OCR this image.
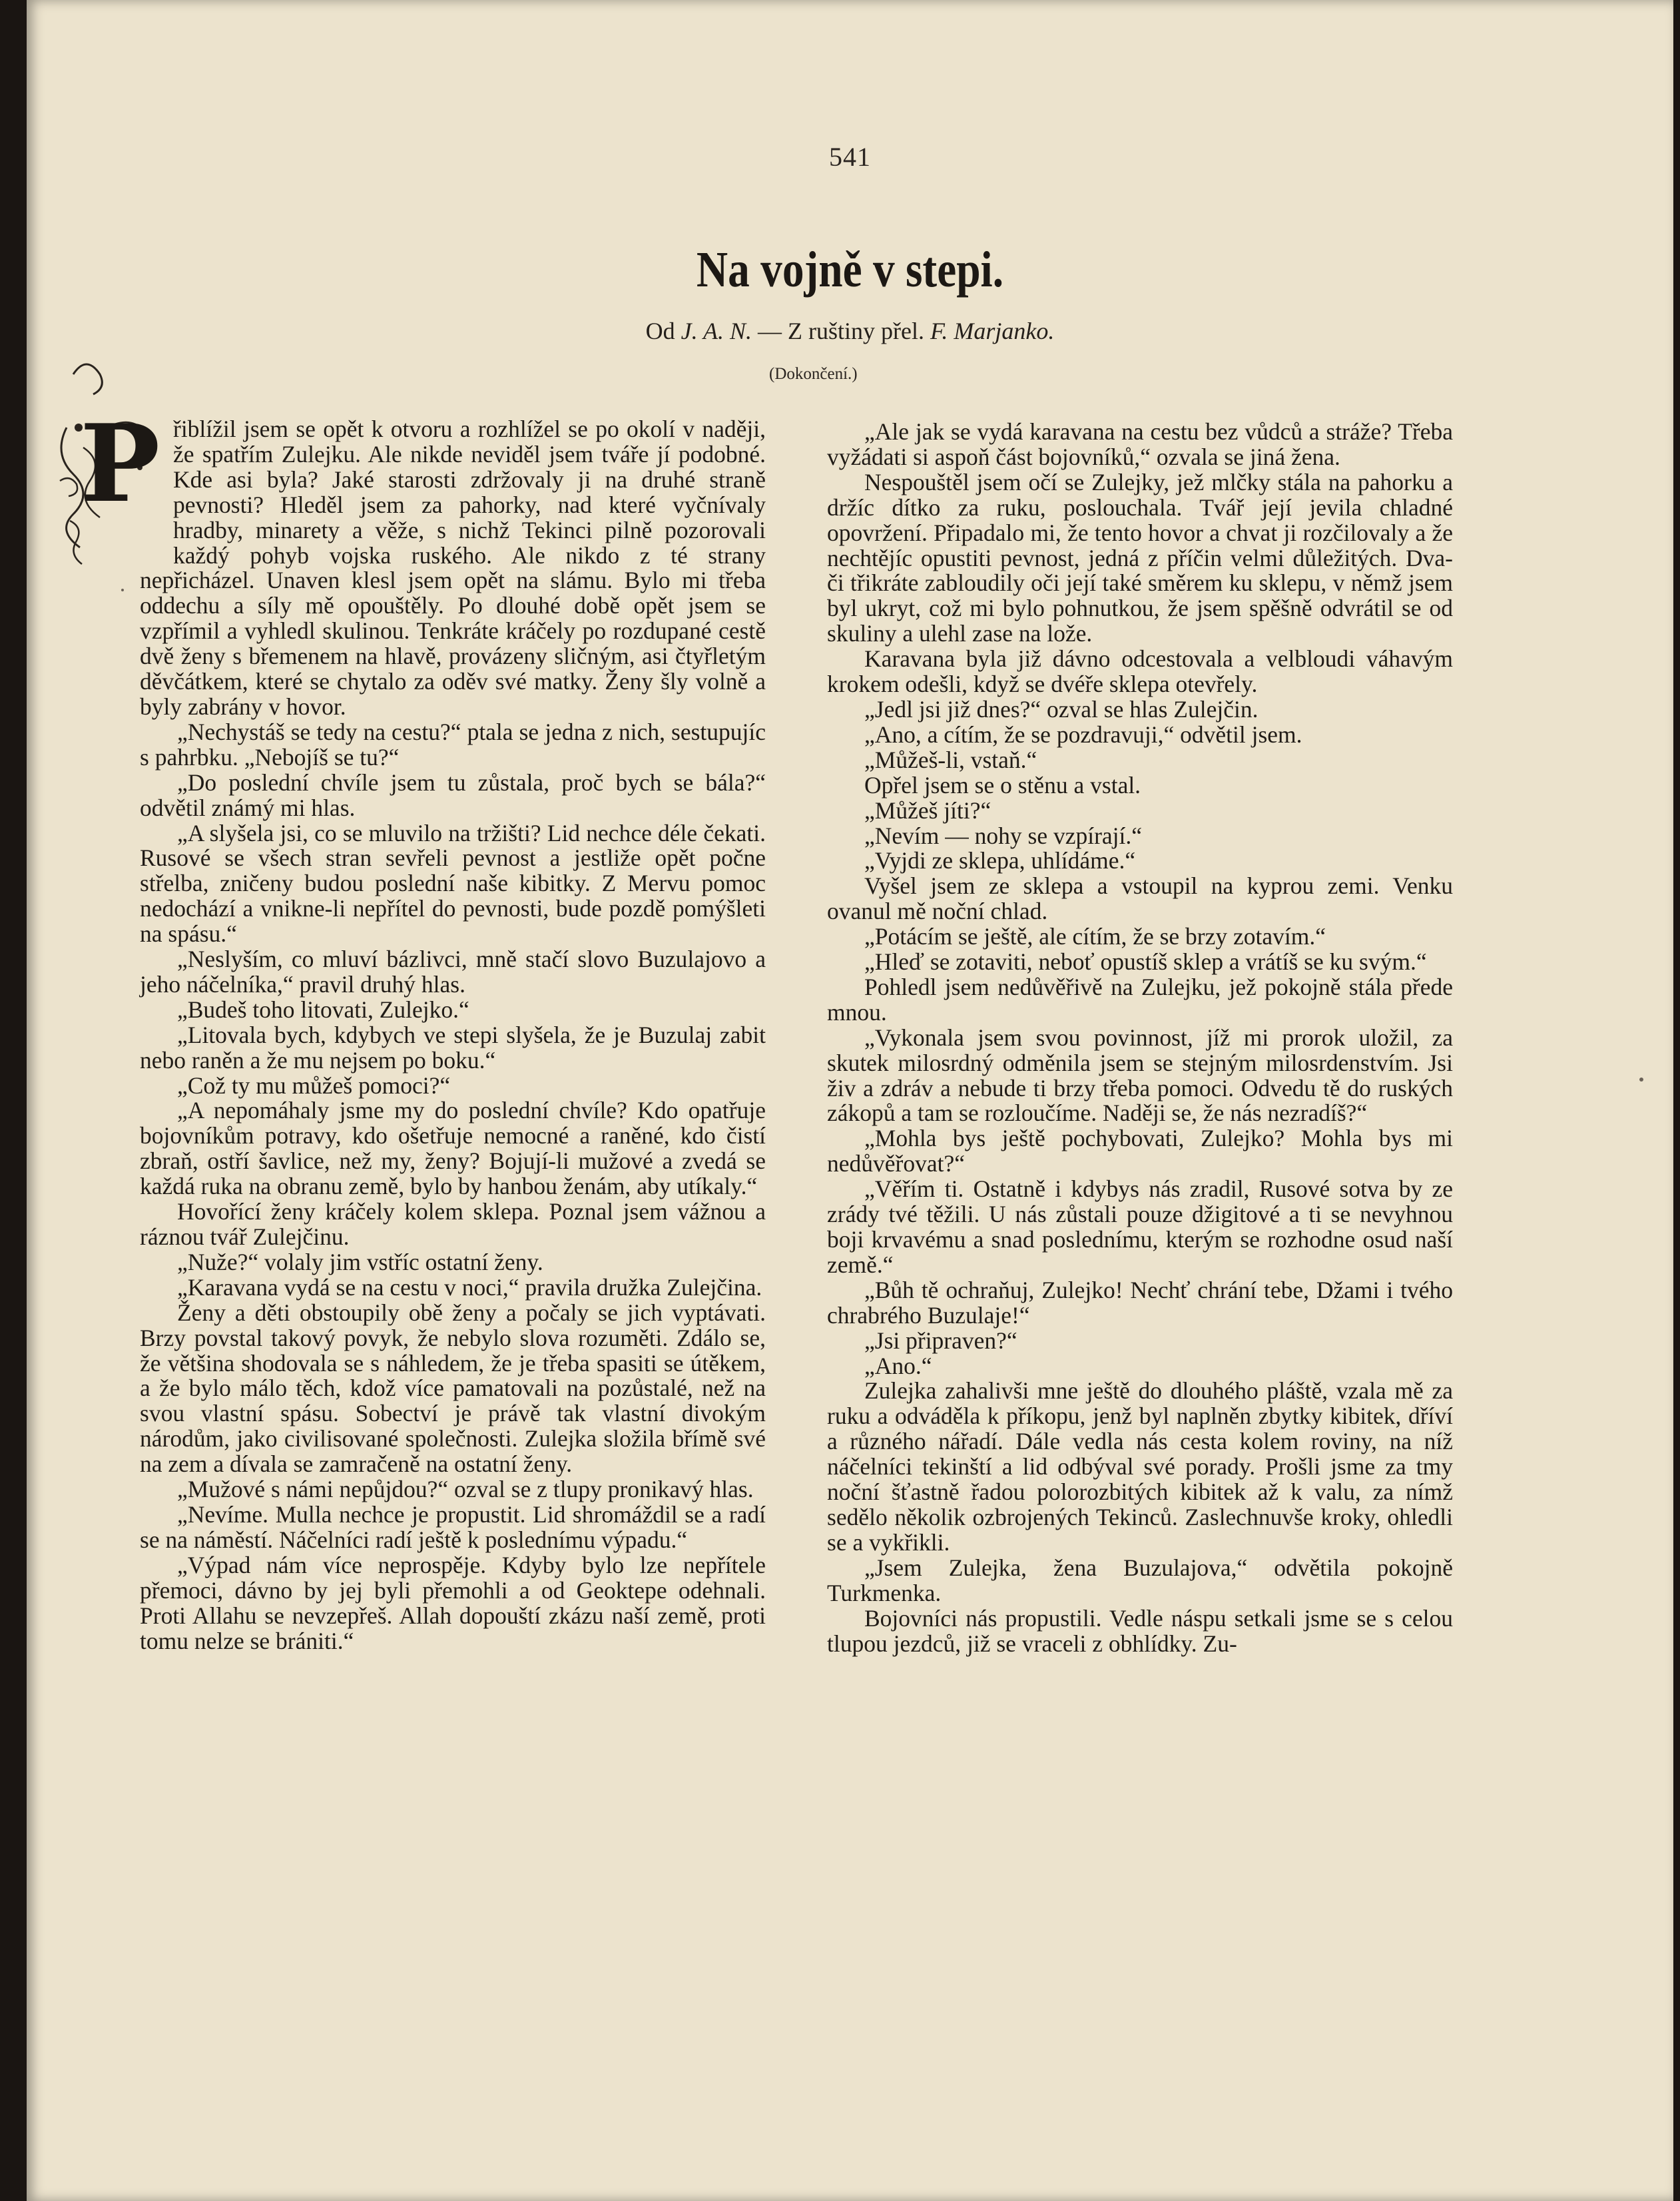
541
Na vojně v stepi.
Od J. A. N. — Z ruštiny přel. F. Marjanko.
(Dokončení.)
P řiblížil jsem se opět k otvoru a rozhlížel se po okolí v naději, že spatřím Zulejku. Ale nikde neviděl jsem tváře jí podobné. Kde asi byla? Jaké starosti zdržovaly ji na druhé straně pevnosti? Hleděl jsem za pahorky, nad které vyčnívaly hradby, minarety a věže, s nichž Tekinci pilně pozorovali každý pohyb vojska ruského. Ale nikdo z té strany nepřicházel. Unaven klesl jsem opět na slámu. Bylo mi třeba oddechu a síly mě opouštěly. Po dlouhé době opět jsem se vzpřímil a vyhledl skulinou. Tenkráte kráčely po rozdupané cestě dvě ženy s břemenem na hlavě, provázeny sličným, asi čtyřletým děvčátkem, které se chytalo za oděv své matky. Ženy šly volně a byly zabrány v hovor.

„Nechystáš se tedy na cestu?“ ptala se jedna z nich, sestupujíc s pahrbku. „Nebojíš se tu?“

„Do poslední chvíle jsem tu zůstala, proč bych se bála?“ odvětil známý mi hlas.

„A slyšela jsi, co se mluvilo na tržišti? Lid nechce déle čekati. Rusové se všech stran sevřeli pevnost a jestliže opět počne střelba, zničeny budou poslední naše kibitky. Z Mervu pomoc nedochází a vnikne-li nepřítel do pevnosti, bude pozdě pomýšleti na spásu.“

„Neslyším, co mluví bázlivci, mně stačí slovo Buzulajovo a jeho náčelníka,“ pravil druhý hlas.

„Budeš toho litovati, Zulejko.“

„Litovala bych, kdybych ve stepi slyšela, že je Buzulaj zabit nebo raněn a že mu nejsem po boku.“

„Což ty mu můžeš pomoci?“

„A nepomáhaly jsme my do poslední chvíle? Kdo opatřuje bojovníkům potravy, kdo ošetřuje nemocné a raněné, kdo čistí zbraň, ostří šavlice, než my, ženy? Bojují-li mužové a zvedá se každá ruka na obranu země, bylo by hanbou ženám, aby utíkaly.“

Hovořící ženy kráčely kolem sklepa. Poznal jsem vážnou a ráznou tvář Zulejčinu.

„Nuže?“ volaly jim vstříc ostatní ženy.

„Karavana vydá se na cestu v noci,“ pravila družka Zulejčina.

Ženy a děti obstoupily obě ženy a počaly se jich vyptávati. Brzy povstal takový povyk, že nebylo slova rozuměti. Zdálo se, že většina shodovala se s náhledem, že je třeba spasiti se útěkem, a že bylo málo těch, kdož více pamatovali na pozůstalé, než na svou vlastní spásu. Sobectví je právě tak vlastní divokým národům, jako civilisované společnosti. Zulejka složila břímě své na zem a dívala se zamračeně na ostatní ženy.

„Mužové s námi nepůjdou?“ ozval se z tlupy pronikavý hlas.

„Nevíme. Mulla nechce je propustit. Lid shromáždil se a radí se na náměstí. Náčelníci radí ještě k poslednímu výpadu.“

„Výpad nám více neprospěje. Kdyby bylo lze nepřítele přemoci, dávno by jej byli přemohli a od Geoktepe odehnali. Proti Allahu se nevzepřeš. Allah dopouští zkázu naší země, proti tomu nelze se brániti.“

„Ale jak se vydá karavana na cestu bez vůdců a stráže? Třeba vyžádati si aspoň část bojovníků,“ ozvala se jiná žena.

Nespouštěl jsem očí se Zulejky, jež mlčky stála na pahorku a držíc dítko za ruku, poslouchala. Tvář její jevila chladné opovržení. Připadalo mi, že tento hovor a chvat ji rozčilovaly a že nechtějíc opustiti pevnost, jedná z příčin velmi důležitých. Dva- či třikráte zabloudily oči její také směrem ku sklepu, v němž jsem byl ukryt, což mi bylo pohnutkou, že jsem spěšně odvrátil se od skuliny a ulehl zase na lože.

Karavana byla již dávno odcestovala a velbloudi váhavým krokem odešli, když se dvéře sklepa otevřely.

„Jedl jsi již dnes?“ ozval se hlas Zulejčin.

„Ano, a cítím, že se pozdravuji,“ odvětil jsem.

„Můžeš-li, vstaň.“

Opřel jsem se o stěnu a vstal.

„Můžeš jíti?“

„Nevím — nohy se vzpírají.“

„Vyjdi ze sklepa, uhlídáme.“

Vyšel jsem ze sklepa a vstoupil na kyprou zemi. Venku ovanul mě noční chlad.

„Potácím se ještě, ale cítím, že se brzy zotavím.“

„Hleď se zotaviti, neboť opustíš sklep a vrátíš se ku svým.“

Pohledl jsem nedůvěřivě na Zulejku, jež pokojně stála přede mnou.

„Vykonala jsem svou povinnost, jíž mi prorok uložil, za skutek milosrdný odměnila jsem se stejným milosrdenstvím. Jsi živ a zdráv a nebude ti brzy třeba pomoci. Odvedu tě do ruských zákopů a tam se rozloučíme. Naději se, že nás nezradíš?“

„Mohla bys ještě pochybovati, Zulejko? Mohla bys mi nedůvěřovat?“

„Věřím ti. Ostatně i kdybys nás zradil, Rusové sotva by ze zrády tvé těžili. U nás zůstali pouze džigitové a ti se nevyhnou boji krvavému a snad poslednímu, kterým se rozhodne osud naší země.“

„Bůh tě ochraňuj, Zulejko! Nechť chrání tebe, Džami i tvého chrabrého Buzulaje!“

„Jsi připraven?“

„Ano.“

Zulejka zahalivši mne ještě do dlouhého pláště, vzala mě za ruku a odváděla k příkopu, jenž byl naplněn zbytky kibitek, dříví a různého nářadí. Dále vedla nás cesta kolem roviny, na níž náčelníci tekinští a lid odbýval své porady. Prošli jsme za tmy noční šťastně řadou polorozbitých kibitek až k valu, za nímž sedělo několik ozbrojených Tekinců. Zaslechnuvše kroky, ohledli se a vykřikli.

„Jsem Zulejka, žena Buzulajova,“ odvětila pokojně Turkmenka.

Bojovníci nás propustili. Vedle náspu setkali jsme se s celou tlupou jezdců, již se vraceli z obhlídky. Zu-
